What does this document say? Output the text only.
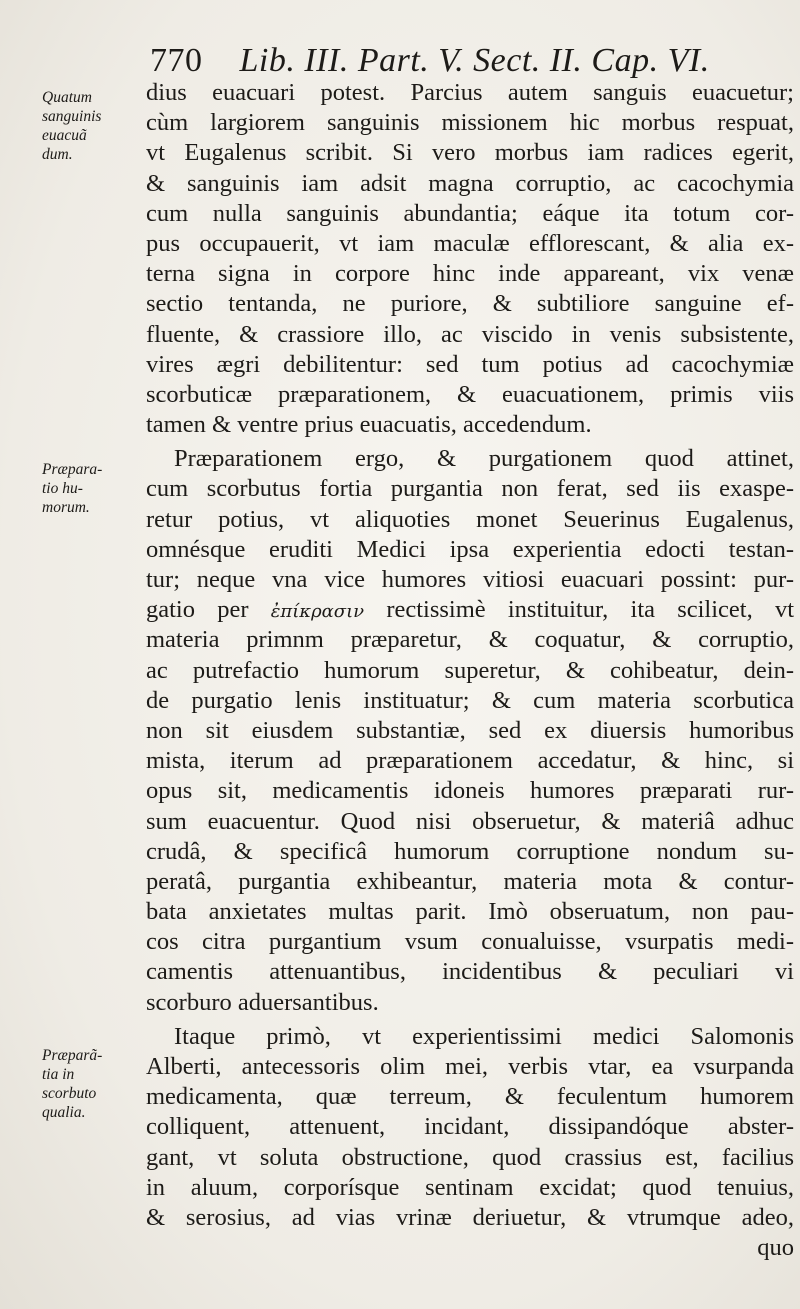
770 Lib. III. Part. V. Sect. II. Cap. VI.
Quatum
sanguinis
euacuã
dum.
Præpara-
tio hu-
morum.
Præparã-
tia in
scorbuto
qualia.
dius euacuari potest. Parcius autem sanguis euacuetur;
cùm largiorem sanguinis missionem hic morbus respuat,
vt Eugalenus scribit. Si vero morbus iam radices egerit,
& sanguinis iam adsit magna corruptio, ac cacochymia
cum nulla sanguinis abundantia; eáque ita totum cor-
pus occupauerit, vt iam maculæ efflorescant, & alia ex-
terna signa in corpore hinc inde appareant, vix venæ
sectio tentanda, ne puriore, & subtiliore sanguine ef-
fluente, & crassiore illo, ac viscido in venis subsistente,
vires ægri debilitentur: sed tum potius ad cacochymiæ
scorbuticæ præparationem, & euacuationem, primis viis
tamen & ventre prius euacuatis, accedendum.
Præparationem ergo, & purgationem quod attinet,
cum scorbutus fortia purgantia non ferat, sed iis exaspe-
retur potius, vt aliquoties monet Seuerinus Eugalenus,
omnésque eruditi Medici ipsa experientia edocti testan-
tur; neque vna vice humores vitiosi euacuari possint: pur-
gatio per ἐπίκρασιν rectissimè instituitur, ita scilicet, vt
materia primnm præparetur, & coquatur, & corruptio,
ac putrefactio humorum superetur, & cohibeatur, dein-
de purgatio lenis instituatur; & cum materia scorbutica
non sit eiusdem substantiæ, sed ex diuersis humoribus
mista, iterum ad præparationem accedatur, & hinc, si
opus sit, medicamentis idoneis humores præparati rur-
sum euacuentur. Quod nisi obseruetur, & materiâ adhuc
crudâ, & specificâ humorum corruptione nondum su-
peratâ, purgantia exhibeantur, materia mota & contur-
bata anxietates multas parit. Imò obseruatum, non pau-
cos citra purgantium vsum conualuisse, vsurpatis medi-
camentis attenuantibus, incidentibus & peculiari vi
scorburo aduersantibus.
Itaque primò, vt experientissimi medici Salomonis
Alberti, antecessoris olim mei, verbis vtar, ea vsurpanda
medicamenta, quæ terreum, & feculentum humorem
colliquent, attenuent, incidant, dissipandóque abster-
gant, vt soluta obstructione, quod crassius est, facilius
in aluum, corporísque sentinam excidat; quod tenuius,
& serosius, ad vias vrinæ deriuetur, & vtrumque adeo,
quo
